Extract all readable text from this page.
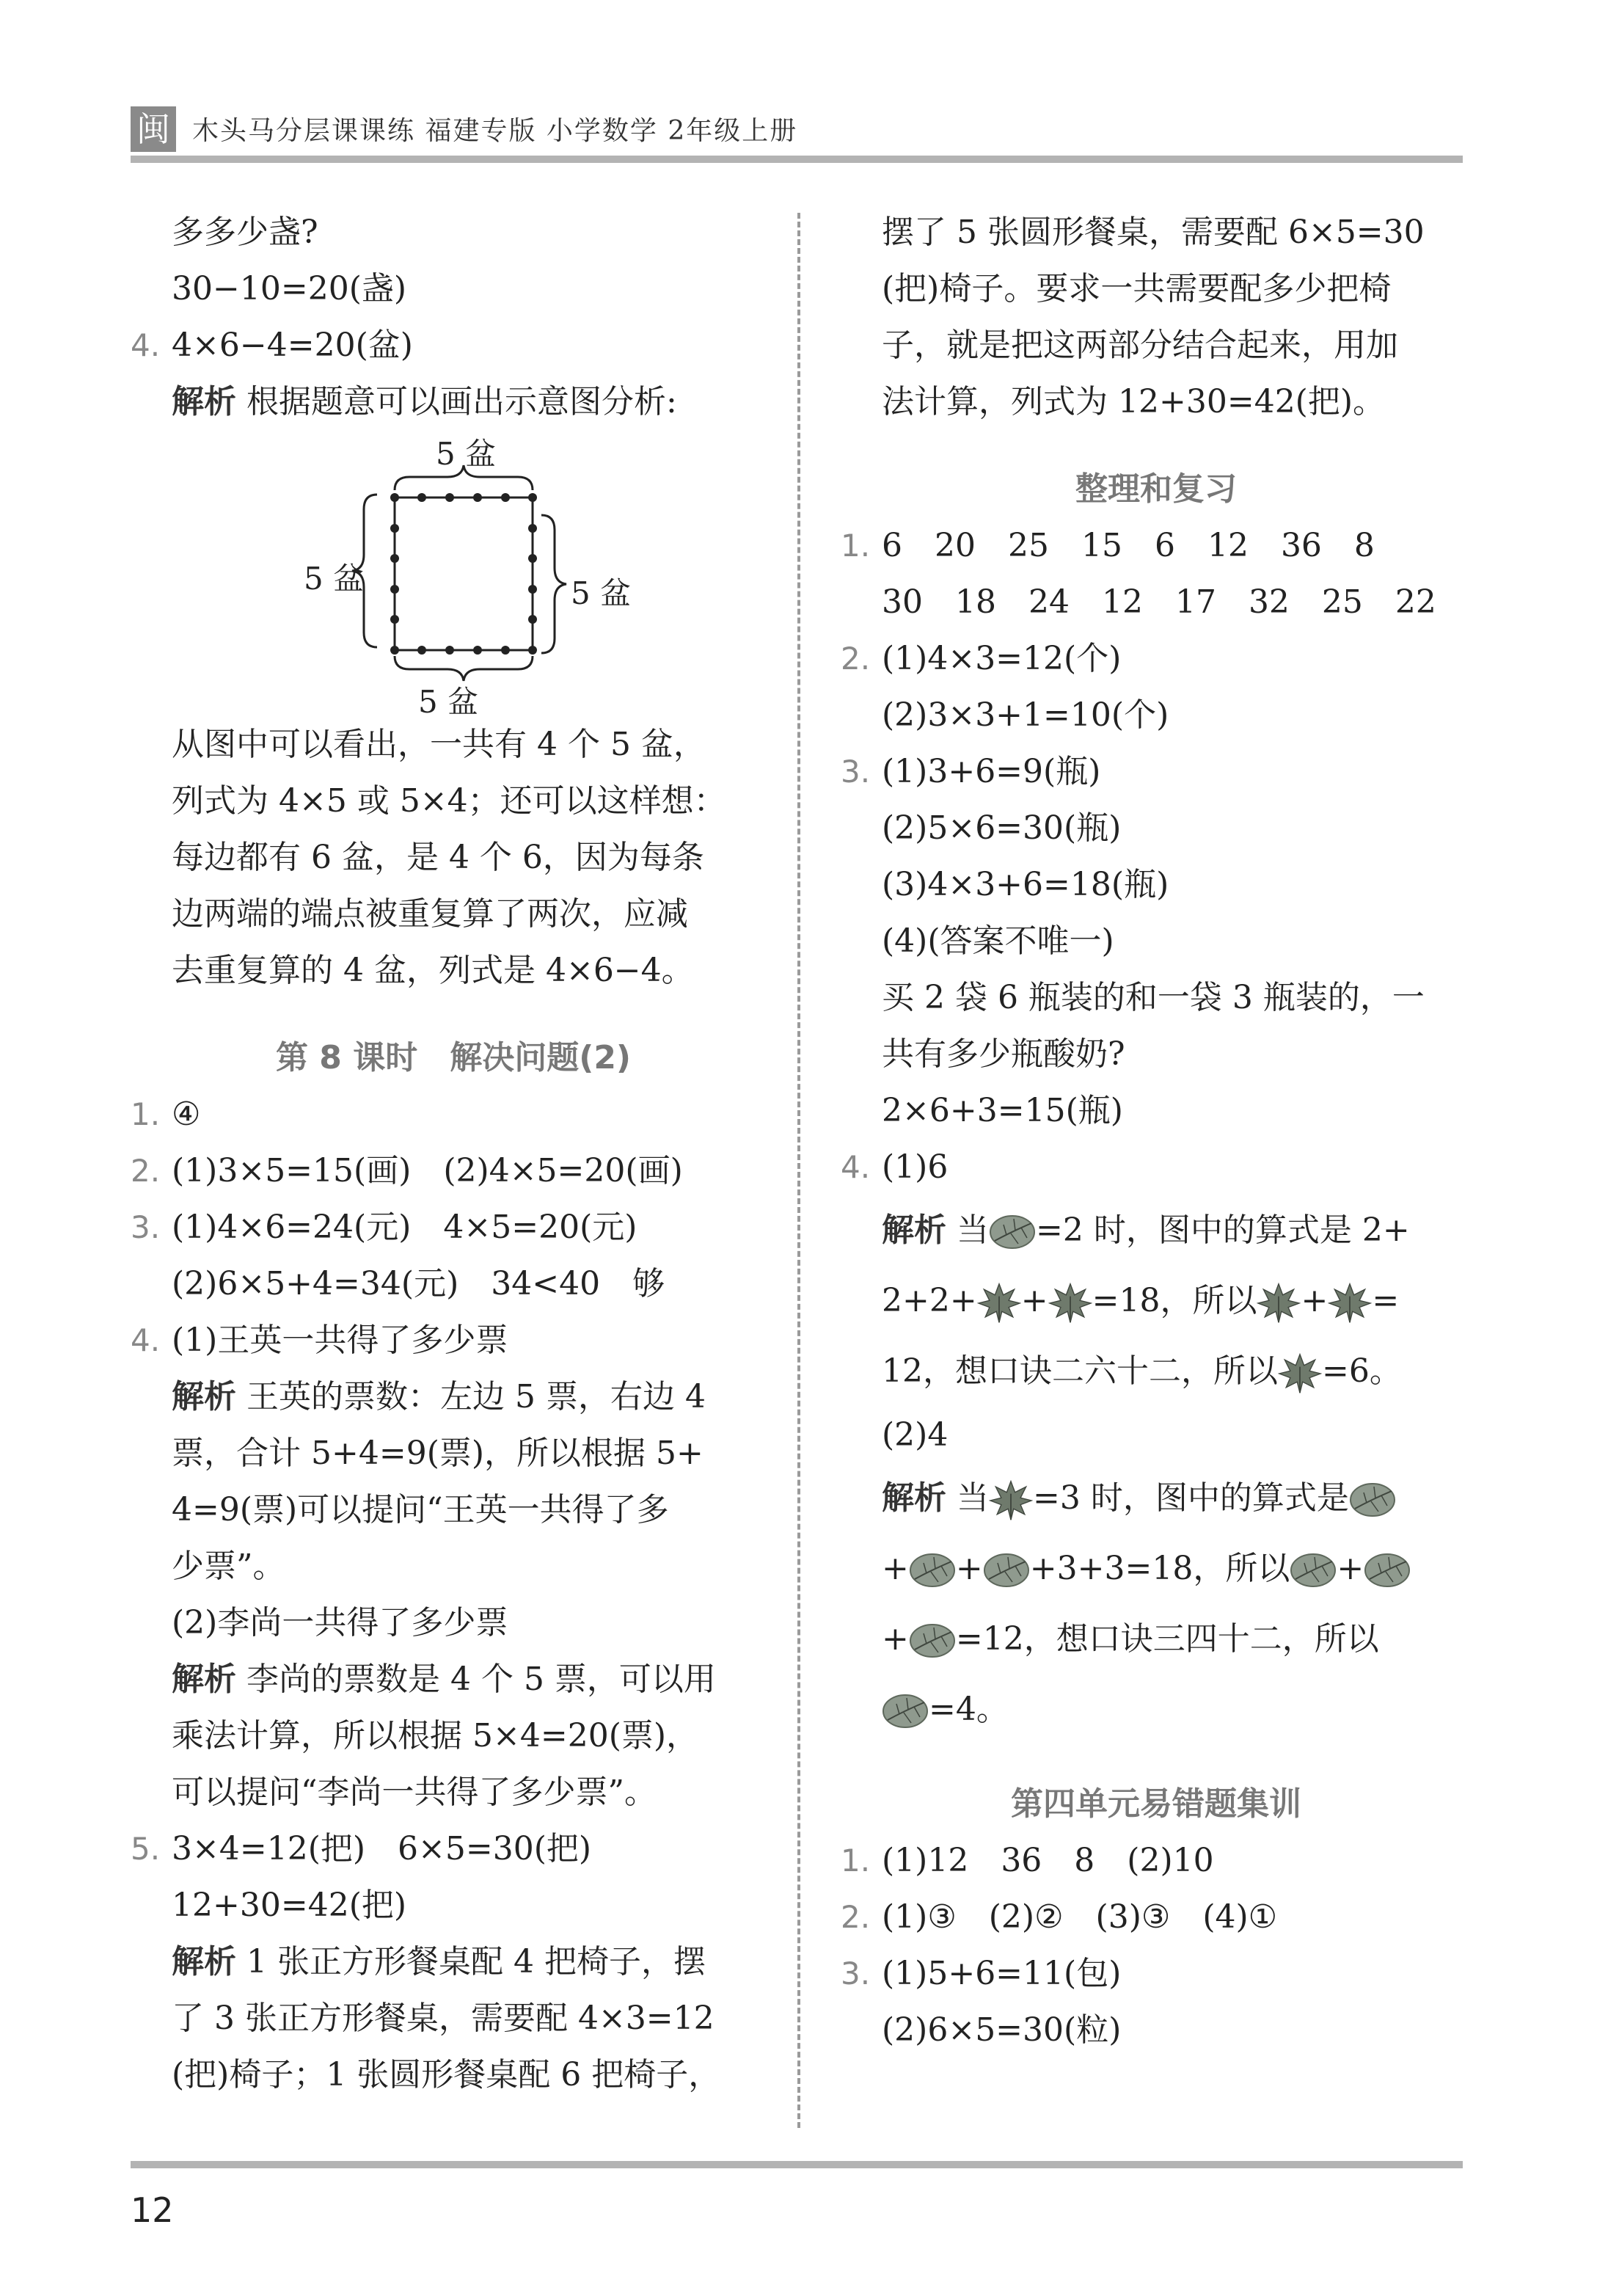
闽 木头马分层课课练 福建专版 小学数学 2年级上册
多多少盏?
30−10=20(盏)
4. 4×6−4=20(盆)
解析 根据题意可以画出示意图分析:
5 盆
5 盆	5 盆
5 盆
从图中可以看出，一共有 4 个 5 盆，
列式为 4×5 或 5×4；还可以这样想：
每边都有 6 盆，是 4 个 6，因为每条
边两端的端点被重复算了两次，应减
去重复算的 4 盆，列式是 4×6−4。
第 8 课时　解决问题(2)
1. ④
2. (1)3×5=15(画)　(2)4×5=20(画)
3. (1)4×6=24(元)　4×5=20(元)
(2)6×5+4=34(元)　34<40　够
4. (1)王英一共得了多少票
解析 王英的票数：左边 5 票，右边 4
票，合计 5+4=9(票)，所以根据 5+
4=9(票)可以提问“王英一共得了多
少票”。
(2)李尚一共得了多少票
解析 李尚的票数是 4 个 5 票，可以用
乘法计算，所以根据 5×4=20(票)，
可以提问“李尚一共得了多少票”。
5. 3×4=12(把)　6×5=30(把)
12+30=42(把)
解析 1 张正方形餐桌配 4 把椅子，摆
了 3 张正方形餐桌，需要配 4×3=12
(把)椅子；1 张圆形餐桌配 6 把椅子，
摆了 5 张圆形餐桌，需要配 6×5=30
(把)椅子。要求一共需要配多少把椅
子，就是把这两部分结合起来，用加
法计算，列式为 12+30=42(把)。
整理和复习
1. 6　20　25　15　6　12　36　8
30　18　24　12　17　32　25　22
2. (1)4×3=12(个)
(2)3×3+1=10(个)
3. (1)3+6=9(瓶)
(2)5×6=30(瓶)
(3)4×3+6=18(瓶)
(4)(答案不唯一)
买 2 袋 6 瓶装的和一袋 3 瓶装的，一
共有多少瓶酸奶?
2×6+3=15(瓶)
4. (1)6
解析 当 =2 时，图中的算式是 2+
2+2+ + =18，所以 + =
12，想口诀二六十二，所以 =6。
(2)4
解析 当 =3 时，图中的算式是
+ + +3+3=18，所以 +
+ =12，想口诀三四十二，所以
=4。
第四单元易错题集训
1. (1)12　36　8　(2)10
2. (1)③　(2)②　(3)③　(4)①
3. (1)5+6=11(包)
(2)6×5=30(粒)
12
